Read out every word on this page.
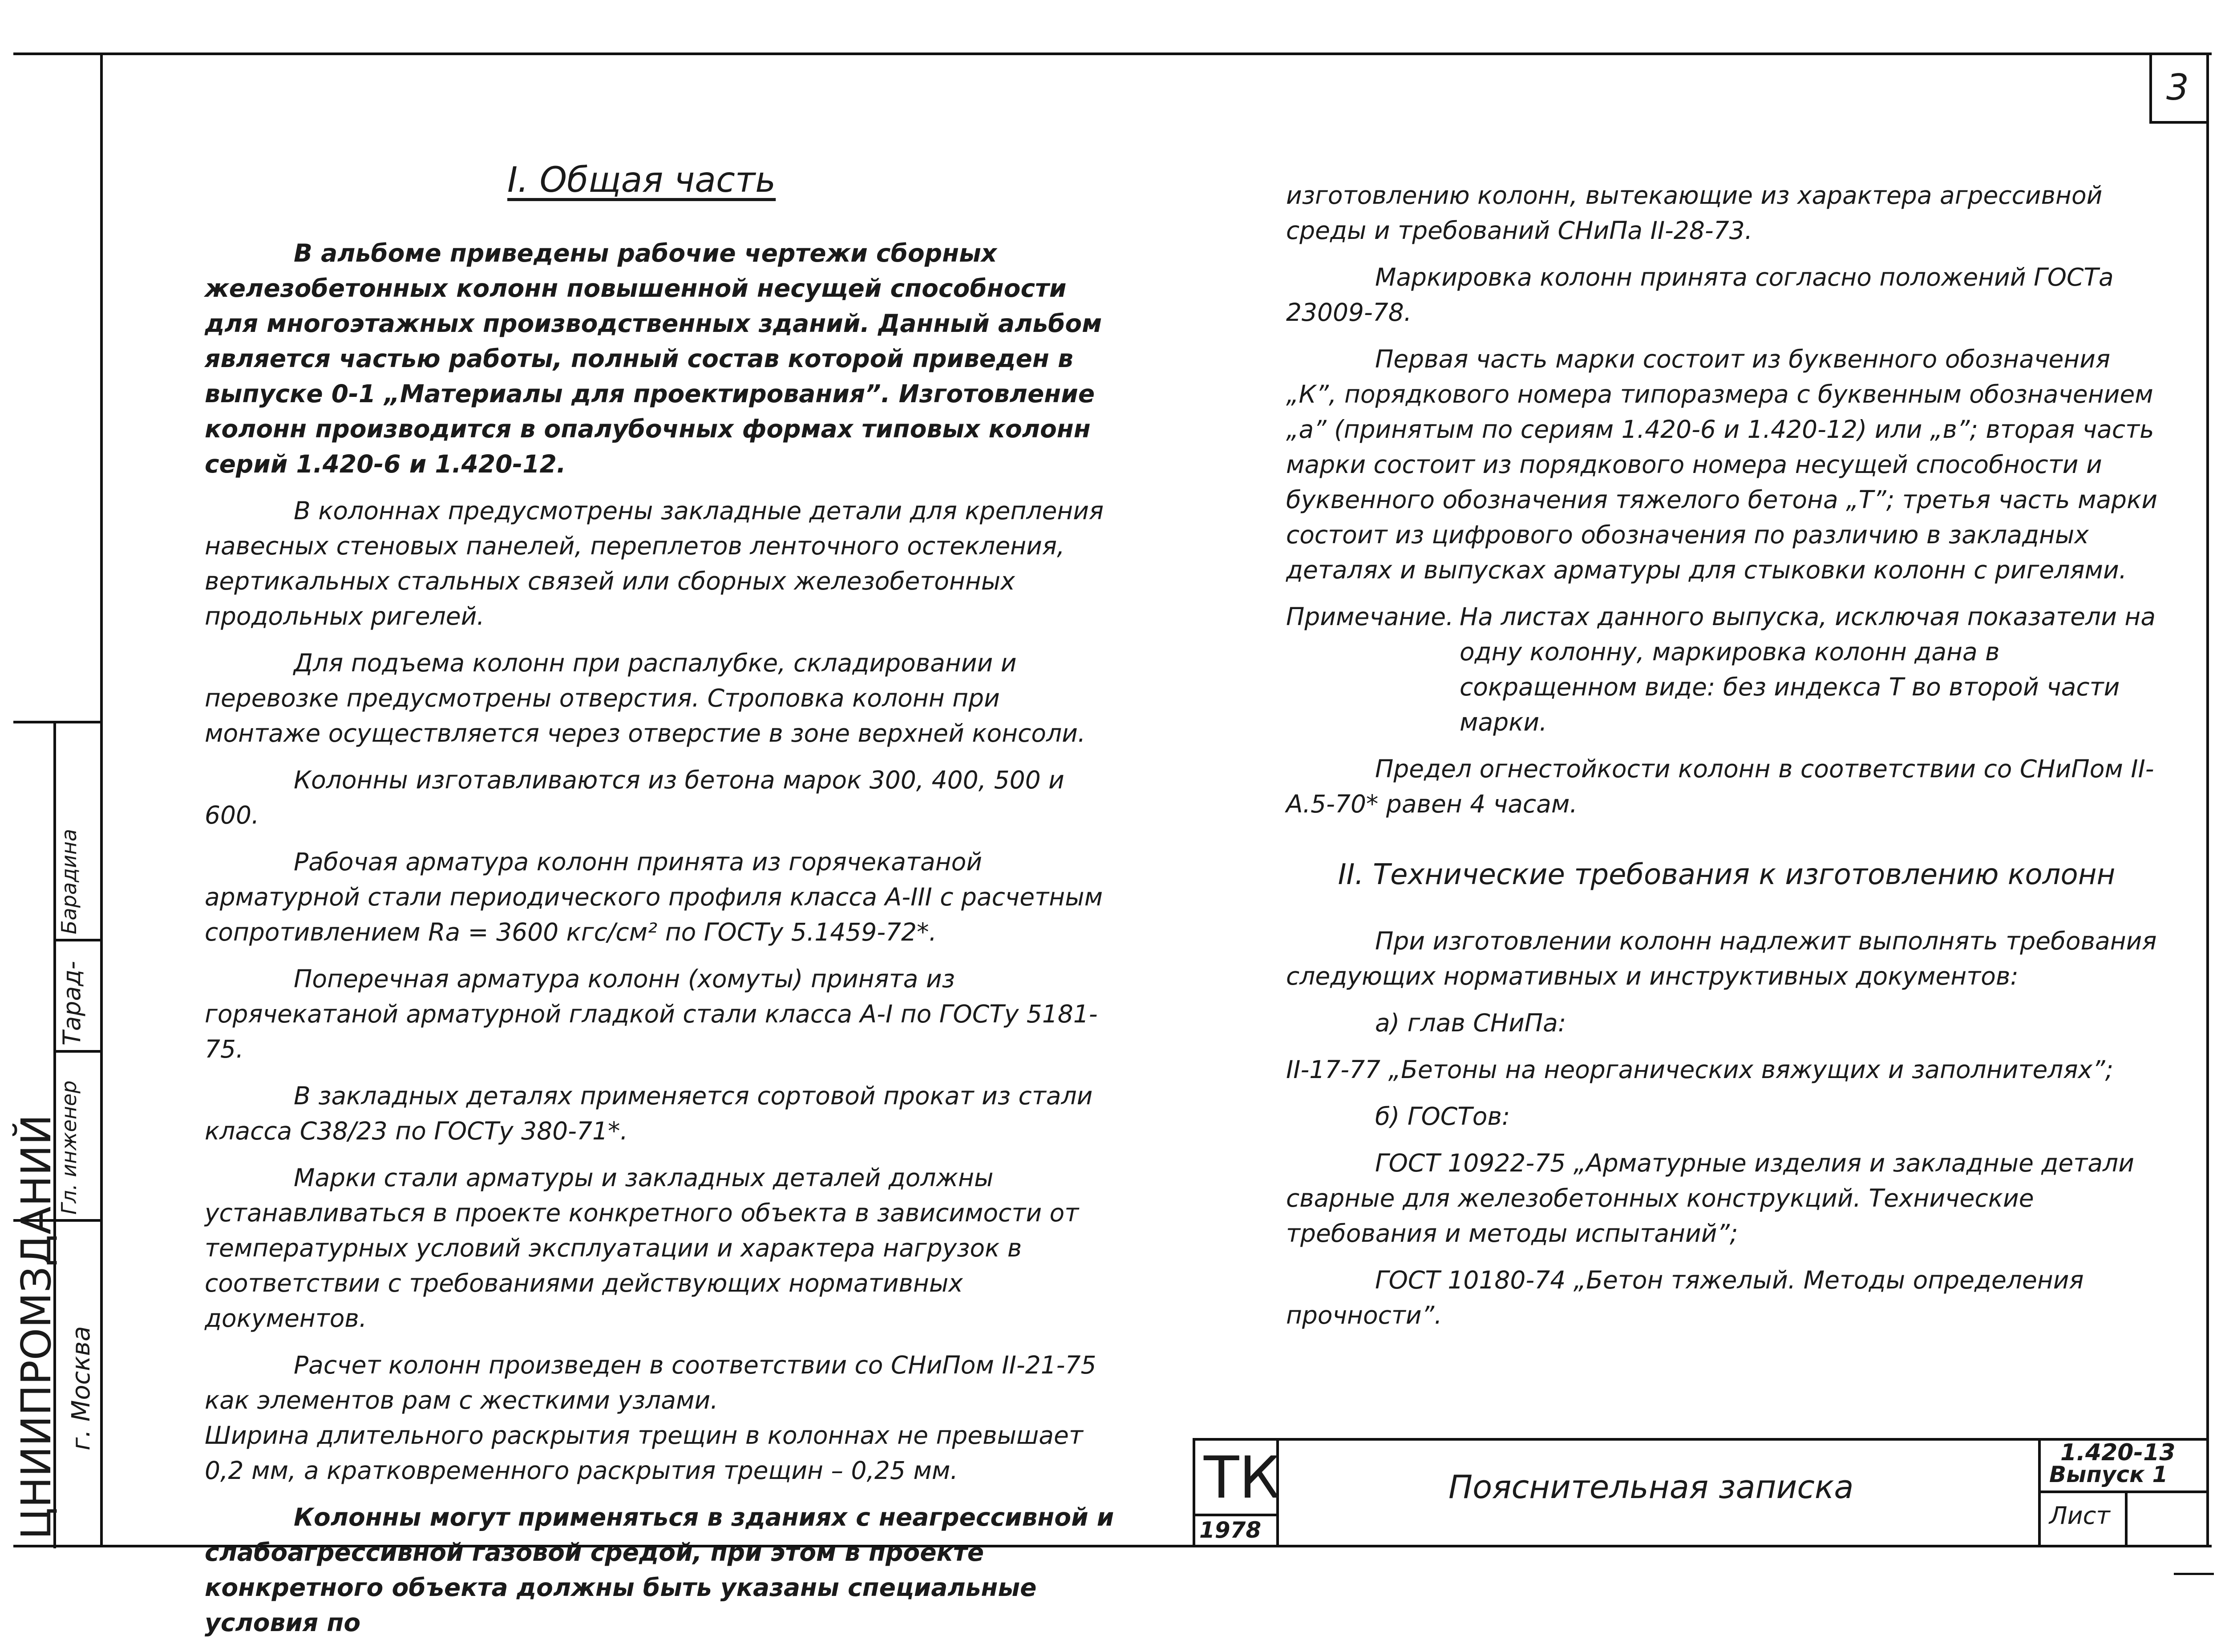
3
I. Общая часть

В альбоме приведены рабочие чертежи сборных железобетонных колонн повышенной несущей способности для многоэтажных производственных зданий. Данный альбом является частью работы, полный состав которой приведен в выпуске 0-1 „Материалы для проектирования”. Изготовление колонн производится в опалубочных формах типовых колонн серий 1.420-6 и 1.420-12.

В колоннах предусмотрены закладные детали для крепления навесных стеновых панелей, переплетов ленточного остекления, вертикальных стальных связей или сборных железобетонных продольных ригелей.

Для подъема колонн при распалубке, складировании и перевозке предусмотрены отверстия. Строповка колонн при монтаже осуществляется через отверстие в зоне верхней консоли.

Колонны изготавливаются из бетона марок 300, 400, 500 и 600.

Рабочая арматура колонн принята из горячекатаной арматурной стали периодического профиля класса А-III с расчетным сопротивлением Rа = 3600 кгс/см² по ГОСТу 5.1459-72*.

Поперечная арматура колонн (хомуты) принята из горячекатаной арматурной гладкой стали класса А-I по ГОСТу 5181-75.

В закладных деталях применяется сортовой прокат из стали класса С38/23 по ГОСТу 380-71*.

Марки стали арматуры и закладных деталей должны устанавливаться в проекте конкретного объекта в зависимости от температурных условий эксплуатации и характера нагрузок в соответствии с требованиями действующих нормативных документов.

Расчет колонн произведен в соответствии со СНиПом II-21-75 как элементов рам с жесткими узлами.

Ширина длительного раскрытия трещин в колоннах не превышает 0,2 мм, а кратковременного раскрытия трещин – 0,25 мм.

Колонны могут применяться в зданиях с неагрессивной и слабоагрессивной газовой средой, при этом в проекте конкретного объекта должны быть указаны специальные условия по

изготовлению колонн, вытекающие из характера агрессивной среды и требований СНиПа II-28-73.

Маркировка колонн принята согласно положений ГОСТа 23009-78.

Первая часть марки состоит из буквенного обозначения „К”, порядкового номера типоразмера с буквенным обозначением „а” (принятым по сериям 1.420-6 и 1.420-12) или „в”; вторая часть марки состоит из порядкового номера несущей способности и буквенного обозначения тяжелого бетона „Т”; третья часть марки состоит из цифрового обозначения по различию в закладных деталях и выпусках арматуры для стыковки колонн с ригелями.

Примечание. На листах данного выпуска, исключая показатели на одну колонну, маркировка колонн дана в сокращенном виде: без индекса Т во второй части марки.

Предел огнестойкости колонн в соответствии со СНиПом II-А.5-70* равен 4 часам.

II. Технические требования к изготовлению колонн

При изготовлении колонн надлежит выполнять требования следующих нормативных и инструктивных документов:

а) глав СНиПа:

II-17-77 „Бетоны на неорганических вяжущих и заполнителях”;

б) ГОСТов:

ГОСТ 10922-75 „Арматурные изделия и закладные детали сварные для железобетонных конструкций. Технические требования и методы испытаний”;

ГОСТ 10180-74 „Бетон тяжелый. Методы определения прочности”.

ТК
1978
Пояснительная записка
1.420-13
Выпуск 1
Лист
ЦНИИПРОМЗДАНИЙ г. Москва
Гл. инженер
Тарад-
Барадина
